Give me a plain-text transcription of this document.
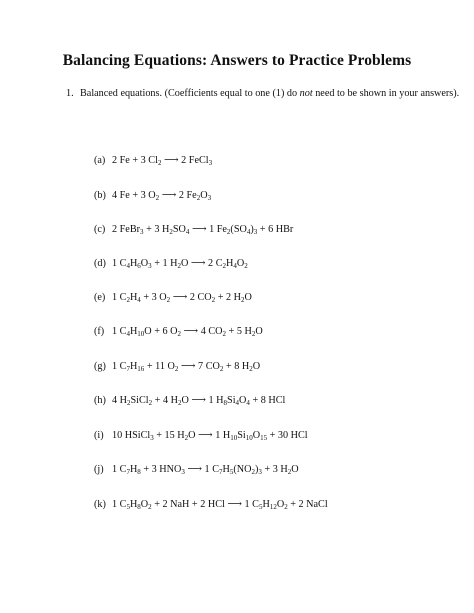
Balancing Equations: Answers to Practice Problems
1. Balanced equations. (Coefficients equal to one (1) do not need to be shown in your answers).
(a) 2 Fe + 3 $Cl_2$ ⟶ 2 FeCl$_3$
(b) 4 Fe + 3 $O_2$ ⟶ 2 $Fe_2O_3$
(c) 2 FeBr$_3$ + 3 $H_2SO_4$ ⟶ 1 $Fe_2(SO_4)_3 + 6$ HBr
(d) 1 $C_4H_6O_3 + 1$ $H_2O$ ⟶ 2 $C_2H_4O_2$
(e) 1 $C_2H_4 + 3$ $O_2$ ⟶ 2 $CO_2 + 2$ $H_2O$
(f) 1 $C_4H_{10}O + 6$ $O_2$ ⟶ 4 $CO_2 + 5$ $H_2O$
(g) 1 $C_7H_{16} + 11$ $O_2$ ⟶ 7 $CO_2 + 8$ $H_2O$
(h) 4 $H_2SiCl_2 + 4$ $H_2O$ ⟶ 1 $H_8Si_4O_4 + 8$ HCl
(i) 10 HSiCl$_3$ + 15 $H_2O$ ⟶ 1 $H_{10}Si_{10}O_{15} + 30$ HCl
(j) 1 $C_7H_8 + 3$ $HNO_3$ ⟶ 1 $C_7H_5(NO_2)_3 + 3$ $H_2O$
(k) 1 $C_5H_8O_2 + 2$ NaH + 2 HCl ⟶ 1 $C_5H_{12}O_2 + 2$ NaCl
